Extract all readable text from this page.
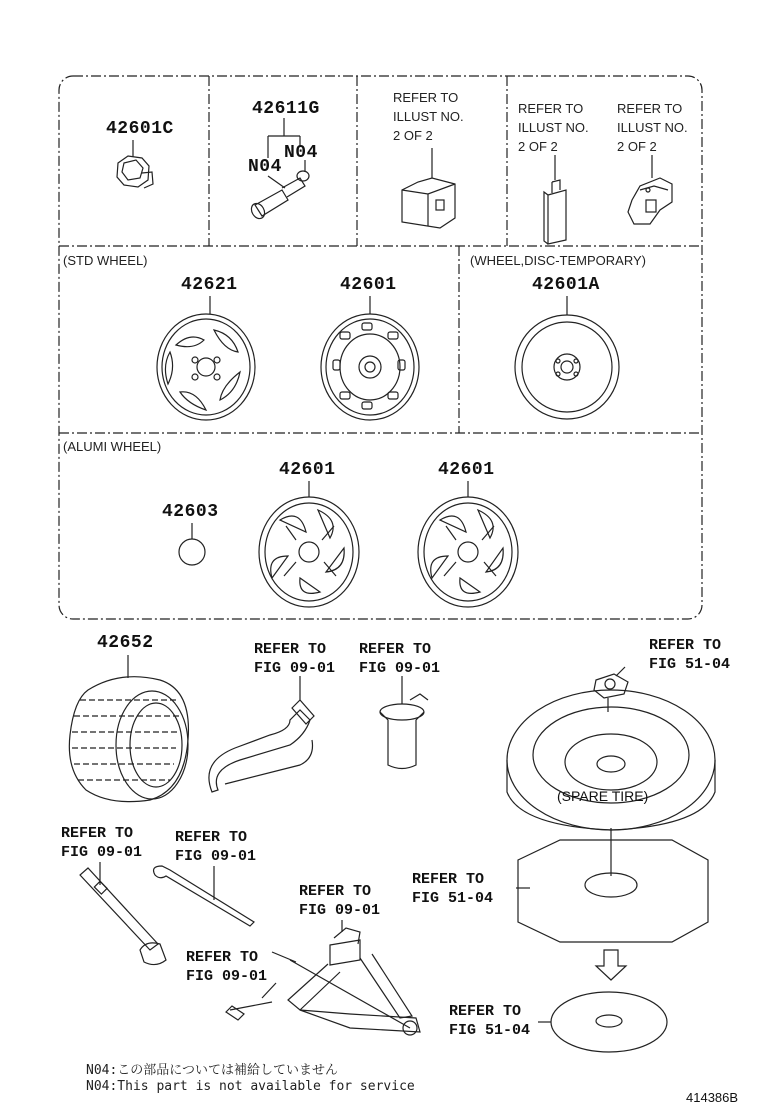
42601C
42611G
N04
N04
REFER TO
ILLUST NO.
2 OF 2
REFER TO
ILLUST NO.
2 OF 2
REFER TO
ILLUST NO.
2 OF 2
(STD WHEEL)	(WHEEL,DISC-TEMPORARY)
(ALUMI WHEEL)
42621	42601	42601A
42603
42601	42601
42652	REFER TO
FIG 09-01
REFER TO
FIG 09-01
REFER TO
FIG 51-04
(SPARE TIRE)
REFER TO
FIG 09-01
REFER TO
FIG 09-01
REFER TO
FIG 51-04
REFER TO
FIG 09-01
REFER TO
FIG 09-01
REFER TO
FIG 51-04
N04:この部品については補給していません
N04:This part is not available for service
414386B
